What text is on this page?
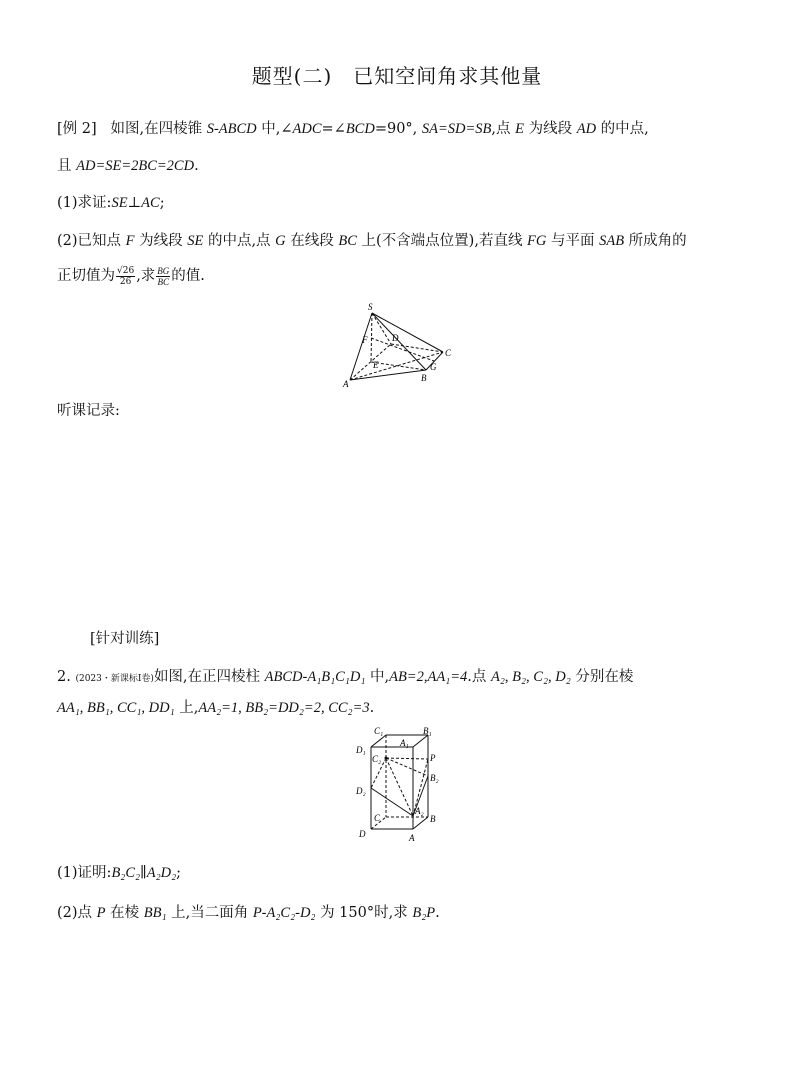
题型(二)　已知空间角求其他量
[例 2] 如图,在四棱锥 S-ABCD 中,∠ADC=∠BCD=90°, SA=SD=SB,点 E 为线段 AD 的中点,
且 AD=SE=2BC=2CD.
(1)求证:SE⊥AC;
(2)已知点 F 为线段 SE 的中点,点 G 在线段 BC 上(不含端点位置),若直线 FG 与平面 SAB 所成角的
正切值为 $\frac{√26}{26}$ ,求 $\frac{BG}{BC}$ 的值.
S
D
F
C
E	G
B
A
听课记录:
[针对训练]
2. (2023・新课标Ⅰ卷)如图,在正四棱柱 ABCD-A₁B₁C₁D₁ 中,AB=2,AA₁=4.点 A₂, B₂, C₂, D₂ 分别在棱
AA₁, BB₁, CC₁, DD₁ 上,AA₂=1, BB₂=DD₂=2, CC₂=3.
C₁	B₁
D₁
A₁
P
C₂
B₂
D₂
A₂
C	B
D	A
(1)证明:B₂C₂∥A₂D₂;
(2)点 P 在棱 BB₁ 上,当二面角 P-A₂C₂-D₂ 为 150°时,求 B₂P.
